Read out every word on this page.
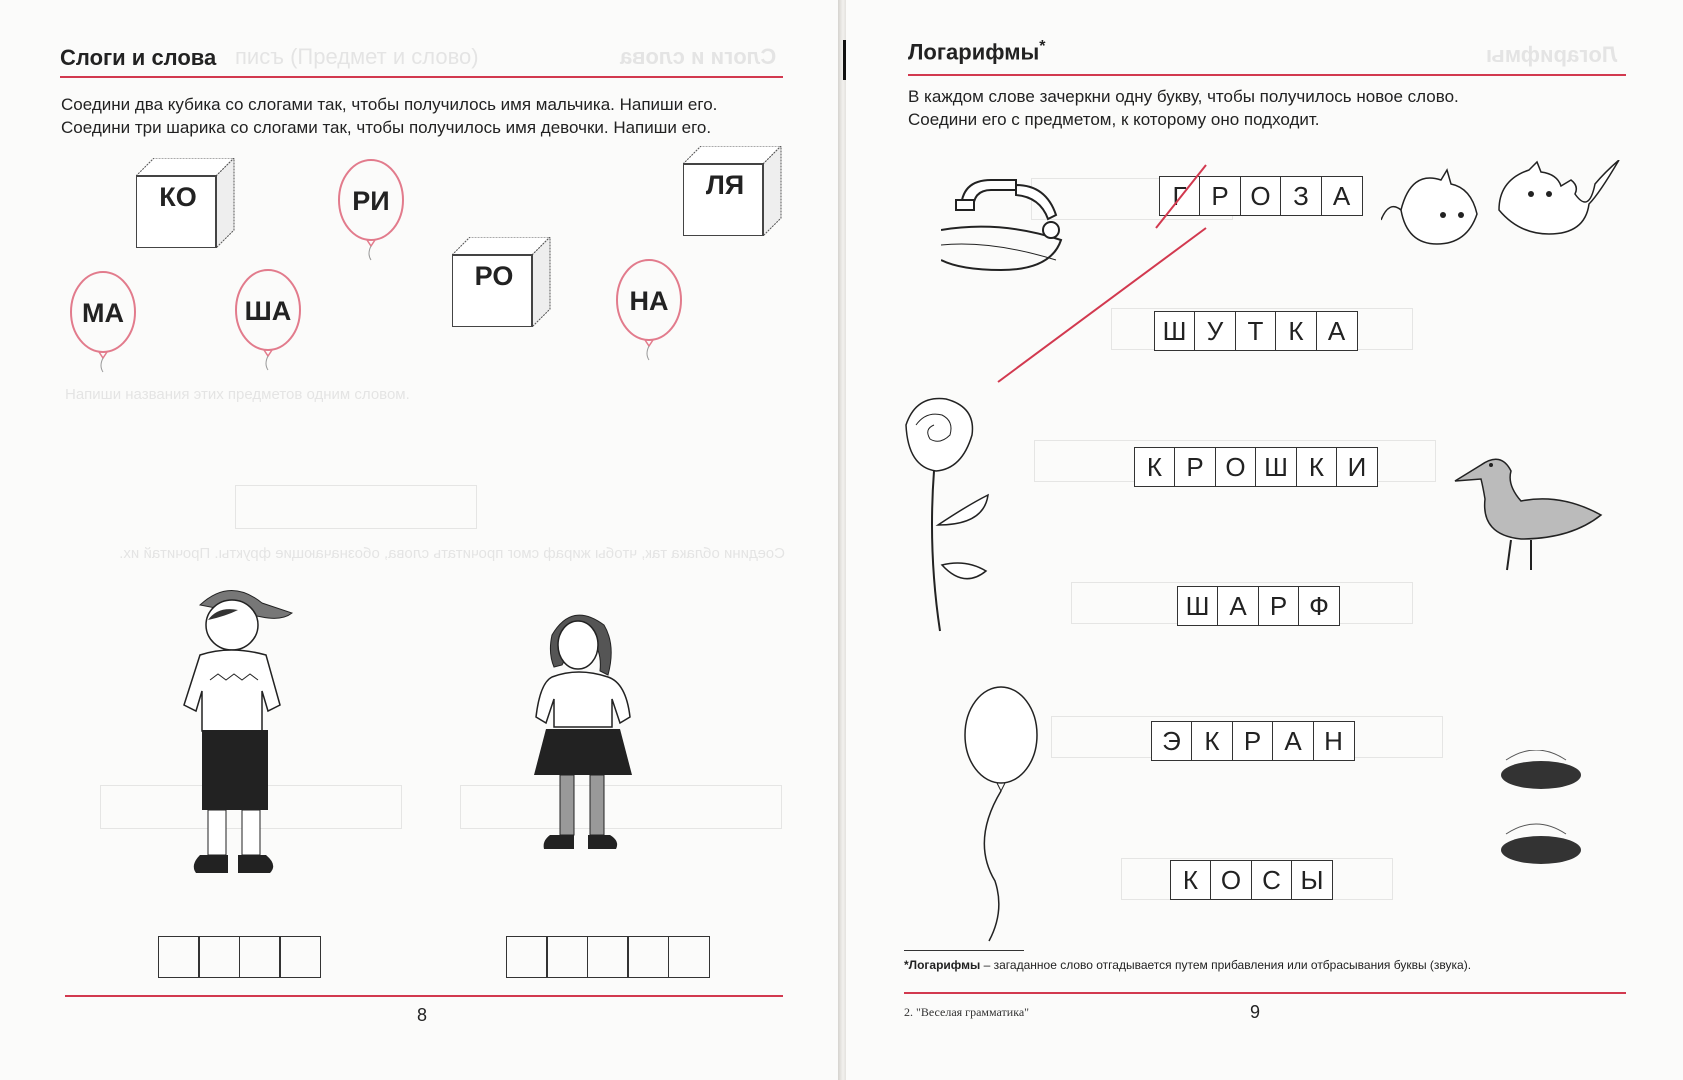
Слоги и слова
писъ (Предмет и слово)
Напиши названия этих предметов одним словом.
Соедини облака так, чтобы жираф смог прочитать слова, обозначающие фрукты. Прочитай их.
Слоги и слова
Соедини два кубика со слогами так, чтобы получилось имя мальчика. Напиши его.
Соедини три шарика со слогами так, чтобы получилось имя девочки. Напиши его.
КО	ЛЯ
РО
РИ
МА	ША	НА
8
Логарифмы
Логарифмы*
В каждом слове зачеркни одну букву, чтобы получилось новое слово.
Соедини его с предметом, к которому оно подходит.
Г Р О З А
Ш У Т К А
К Р О Ш К И
Ш А Р Ф
Э К Р А Н
К О С Ы
*Логарифмы – загаданное слово отгадывается путем прибавления или отбрасывания буквы (звука).
2. "Веселая грамматика"	9
